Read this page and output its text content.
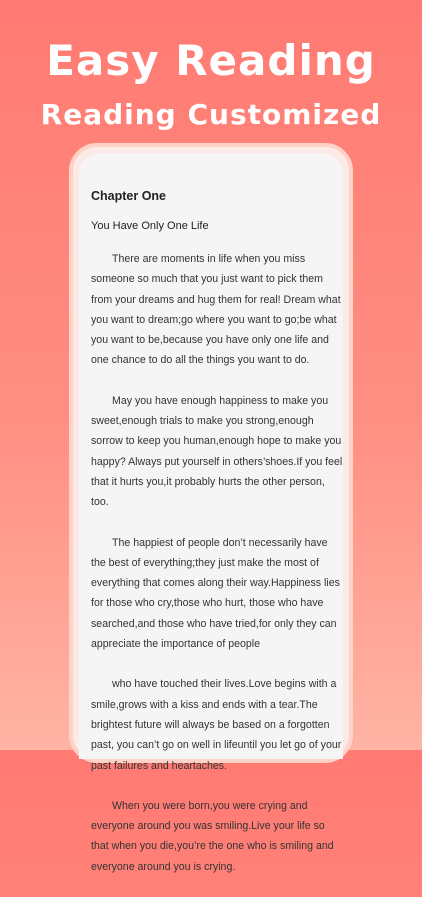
Easy Reading
Reading Customized
Chapter One
You Have Only One Life

There are moments in life when you miss someone so much that you just want to pick them from your dreams and hug them for real! Dream what you want to dream;go where you want to go;be what you want to be,because you have only one life and one chance to do all the things you want to do.

May you have enough happiness to make you sweet,enough trials to make you strong,enough sorrow to keep you human,enough hope to make you happy? Always put yourself in others’shoes.If you feel that it hurts you,it probably hurts the other person, too.

The happiest of people don’t necessarily have the best of everything;they just make the most of everything that comes along their way.Happiness lies for those who cry,those who hurt, those who have searched,and those who have tried,for only they can appreciate the importance of people

who have touched their lives.Love begins with a smile,grows with a kiss and ends with a tear.The brightest future will always be based on a forgotten past, you can’t go on well in lifeuntil you let go of your past failures and heartaches.

When you were born,you were crying and everyone around you was smiling.Live your life so that when you die,you’re the one who is smiling and everyone around you is crying.
